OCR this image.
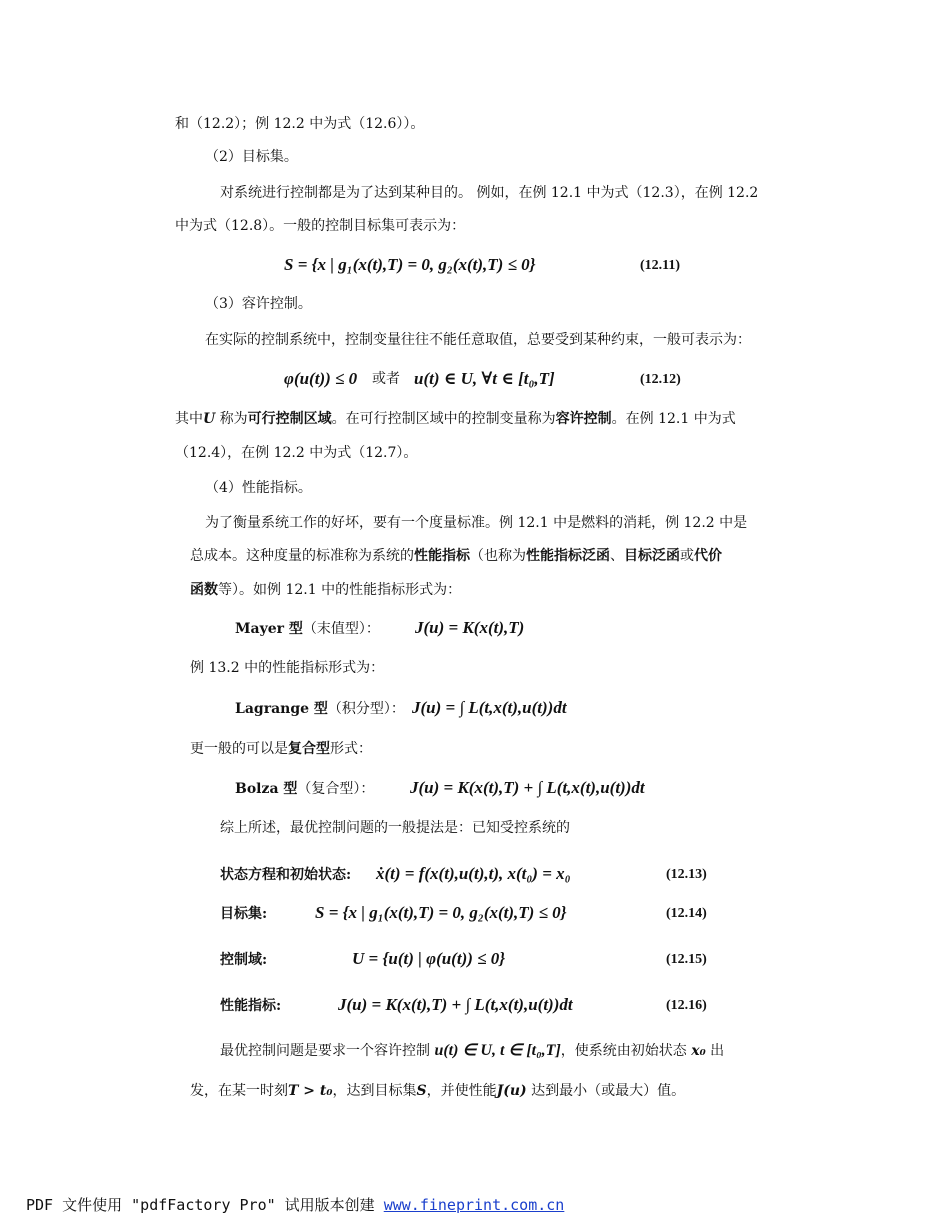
和（12.2）；例 12.2 中为式（12.6））。
（2）目标集。
对系统进行控制都是为了达到某种目的。 例如，在例 12.1 中为式（12.3），在例 12.2
中为式（12.8）。一般的控制目标集可表示为：
S = {x | g₁(x(t),T) = 0, g₂(x(t),T) ≤ 0}	(12.11)
（3）容许控制。
在实际的控制系统中，控制变量往往不能任意取值，总要受到某种约束，一般可表示为：
φ(u(t)) ≤ 0 或者 u(t) ∈ U, ∀t ∈ [t₀,T]	(12.12)
其中U 称为可行控制区域。在可行控制区域中的控制变量称为容许控制。在例 12.1 中为式
（12.4），在例 12.2 中为式（12.7）。
（4）性能指标。
为了衡量系统工作的好坏，要有一个度量标准。例 12.1 中是燃料的消耗，例 12.2 中是
总成本。这种度量的标准称为系统的性能指标（也称为性能指标泛函、目标泛函或代价
函数等）。如例 12.1 中的性能指标形式为：
Mayer 型（末值型）： J(u) = K(x(t),T)
例 13.2 中的性能指标形式为：
Lagrange 型（积分型）： J(u) = ∫ L(t,x(t),u(t))dt
更一般的可以是复合型形式：
Bolza 型（复合型）： J(u) = K(x(t),T) + ∫ L(t,x(t),u(t))dt
综上所述，最优控制问题的一般提法是：已知受控系统的
状态方程和初始状态: ẋ(t) = f(x(t),u(t),t), x(t₀) = x₀	(12.13)
目标集:	S = {x | g₁(x(t),T) = 0, g₂(x(t),T) ≤ 0}	(12.14)
控制域:	U = {u(t) | φ(u(t)) ≤ 0}	(12.15)
性能指标:	J(u) = K(x(t),T) + ∫ L(t,x(t),u(t))dt	(12.16)
最优控制问题是要求一个容许控制 u(t) ∈ U, t ∈ [t₀,T]，使系统由初始状态 x₀ 出
发，在某一时刻T > t₀，达到目标集S，并使性能J(u) 达到最小（或最大）值。
PDF 文件使用 "pdfFactory Pro" 试用版本创建 www.fineprint.com.cn
